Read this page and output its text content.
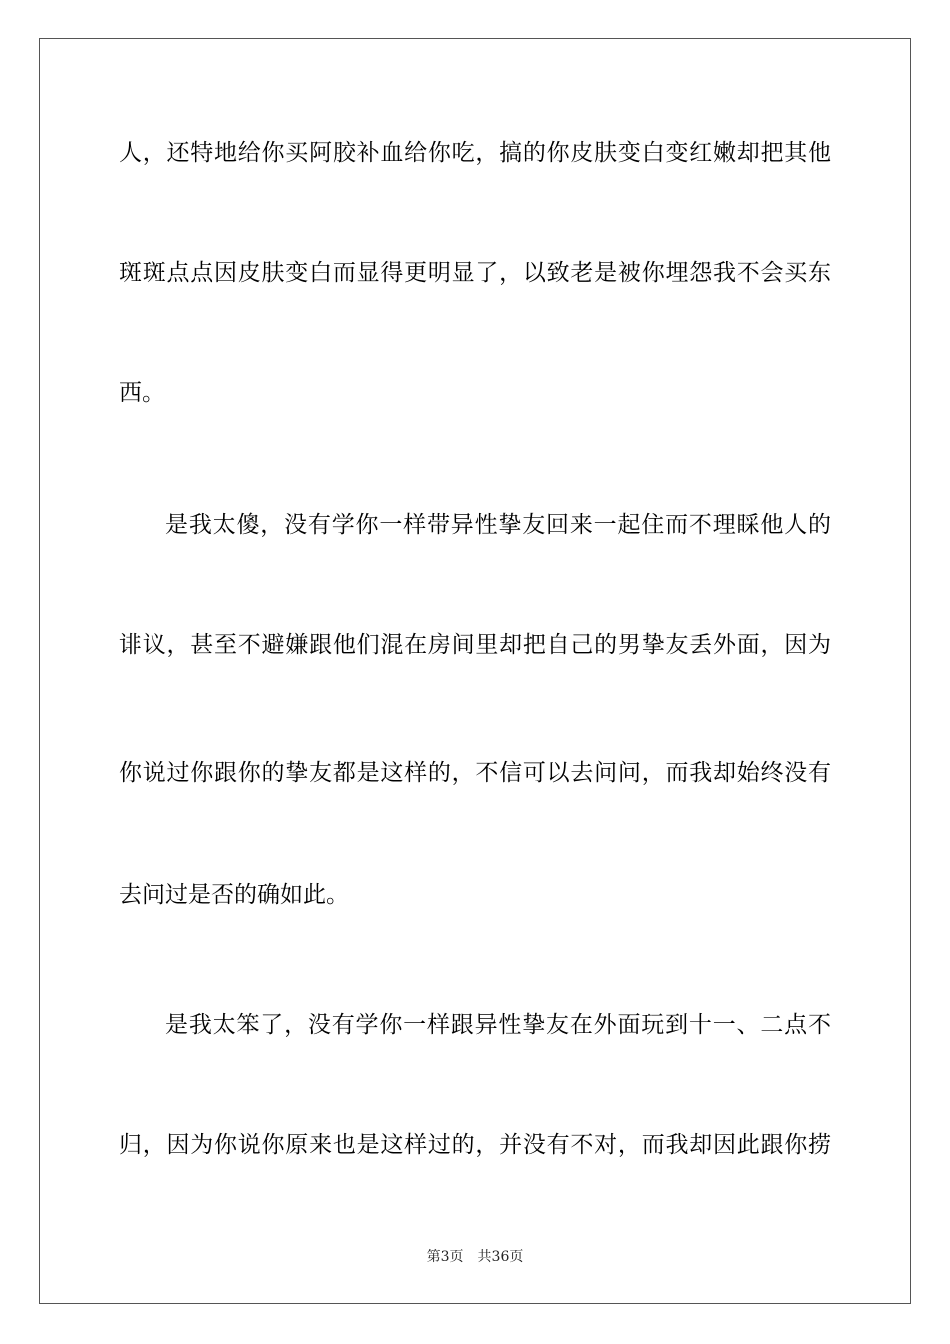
人，还特地给你买阿胶补血给你吃，搞的你皮肤变白变红嫩却把其他
斑斑点点因皮肤变白而显得更明显了，以致老是被你埋怨我不会买东
西。
是我太傻，没有学你一样带异性挚友回来一起住而不理睬他人的
诽议，甚至不避嫌跟他们混在房间里却把自己的男挚友丢外面，因为
你说过你跟你的挚友都是这样的，不信可以去问问，而我却始终没有
去问过是否的确如此。
是我太笨了，没有学你一样跟异性挚友在外面玩到十一、二点不
归，因为你说你原来也是这样过的，并没有不对，而我却因此跟你捞
第3页 共36页
